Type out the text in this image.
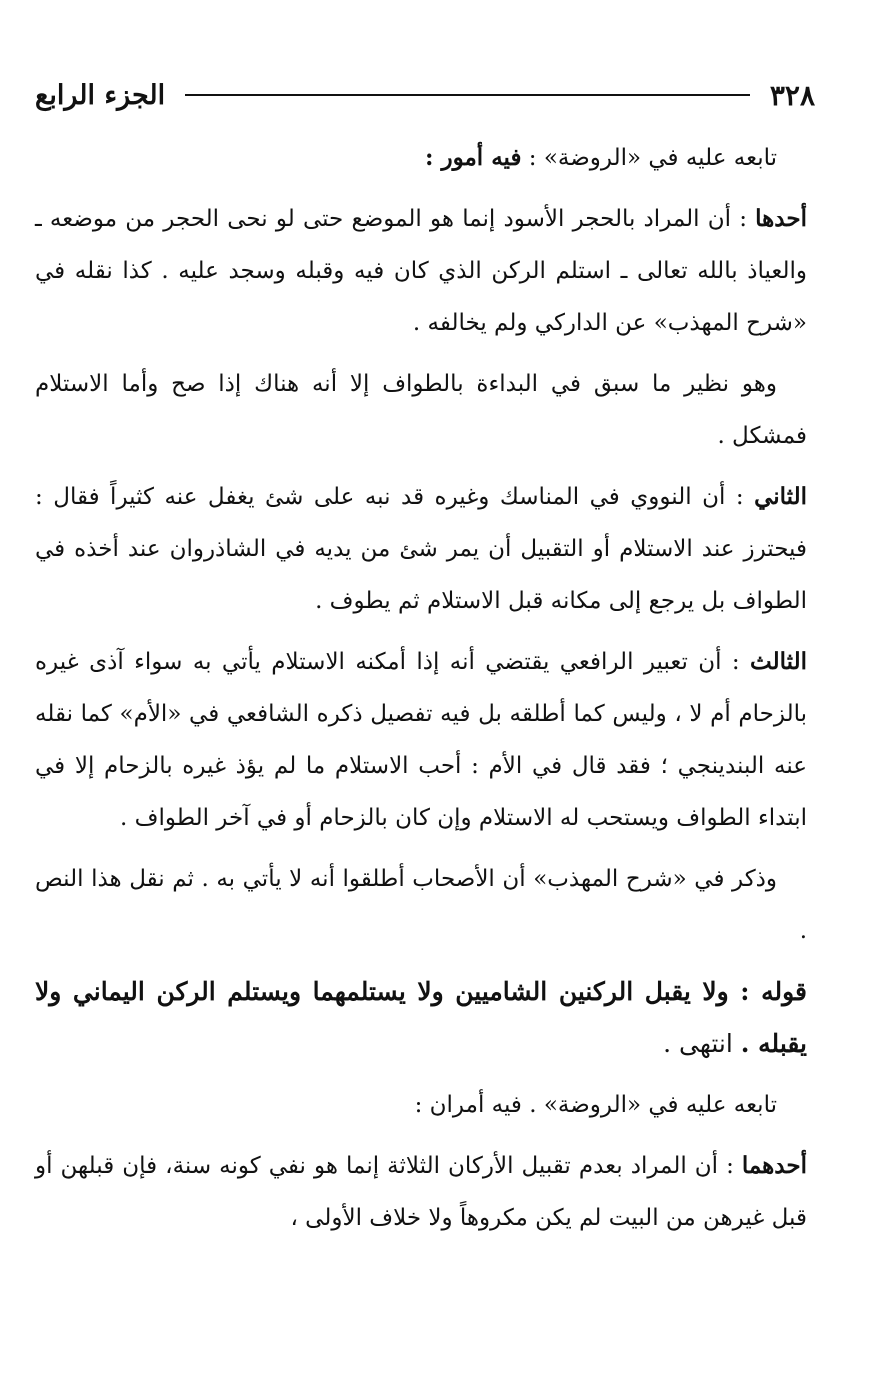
٣٢٨
الجزء الرابع

تابعه عليه في «الروضة» : فيه أمور :

أحدها : أن المراد بالحجر الأسود إنما هو الموضع حتى لو نحى الحجر من موضعه ـ والعياذ بالله تعالى ـ استلم الركن الذي كان فيه وقبله وسجد عليه . كذا نقله في «شرح المهذب» عن الداركي ولم يخالفه .

وهو نظير ما سبق في البداءة بالطواف إلا أنه هناك إذا صح وأما الاستلام فمشكل .

الثاني : أن النووي في المناسك وغيره قد نبه على شئ يغفل عنه كثيراً فقال : فيحترز عند الاستلام أو التقبيل أن يمر شئ من يديه في الشاذروان عند أخذه في الطواف بل يرجع إلى مكانه قبل الاستلام ثم يطوف .

الثالث : أن تعبير الرافعي يقتضي أنه إذا أمكنه الاستلام يأتي به سواء آذى غيره بالزحام أم لا ، وليس كما أطلقه بل فيه تفصيل ذكره الشافعي في «الأم» كما نقله عنه البندينجي ؛ فقد قال في الأم : أحب الاستلام ما لم يؤذ غيره بالزحام إلا في ابتداء الطواف ويستحب له الاستلام وإن كان بالزحام أو في آخر الطواف .

وذكر في «شرح المهذب» أن الأصحاب أطلقوا أنه لا يأتي به . ثم نقل هذا النص .

قوله : ولا يقبل الركنين الشاميين ولا يستلمهما ويستلم الركن اليماني ولا يقبله . انتهى .

تابعه عليه في «الروضة» . فيه أمران :

أحدهما : أن المراد بعدم تقبيل الأركان الثلاثة إنما هو نفي كونه سنة، فإن قبلهن أو قبل غيرهن من البيت لم يكن مكروهاً ولا خلاف الأولى ،
